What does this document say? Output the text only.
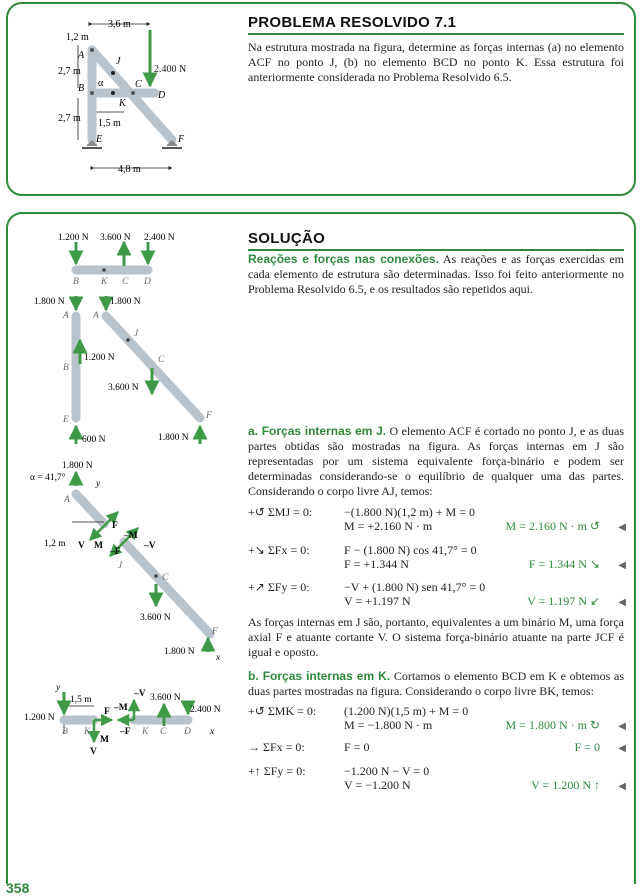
PROBLEMA RESOLVIDO 7.1
Na estrutura mostrada na figura, determine as forças internas (a) no elemento ACF no ponto J, (b) no elemento BCD no ponto K. Essa estrutura foi anteriormente considerada no Problema Resolvido 6.5.
3,6 m
1,2 m
2,7 m
2,7 m 1,5 m
4,8 m
2.400 N
A
B	C
D
E	F
J
K
α
SOLUÇÃO
Reações e forças nas conexões. As reações e as forças exercidas em cada elemento de estrutura são determinadas. Isso foi feito anteriormente no Problema Resolvido 6.5, e os resultados são repetidos aqui.
a. Forças internas em J. O elemento ACF é cortado no ponto J, e as duas partes obtidas são mostradas na figura. As forças internas em J são representadas por um sistema equivalente força-binário e podem ser determinadas considerando-se o equilíbrio de qualquer uma das partes. Considerando o corpo livre AJ, temos:
+↺ ΣMJ = 0:	−(1.800 N)(1,2 m) + M = 0
M = +2.160 N · m	M = 2.160 N · m ↺ ◀
+↘ ΣFx = 0:	F − (1.800 N) cos 41,7° = 0
F = +1.344 N	F = 1.344 N ↘ ◀
+↗ ΣFy = 0:	−V + (1.800 N) sen 41,7° = 0
V = +1.197 N	V = 1.197 N ↙ ◀
As forças internas em J são, portanto, equivalentes a um binário M, uma força axial F e atuante cortante V. O sistema força-binário atuante na parte JCF é igual e oposto.
b. Forças internas em K. Cortamos o elemento BCD em K e obtemos as duas partes mostradas na figura. Considerando o corpo livre BK, temos:
+↺ ΣMK = 0: (1.200 N)(1,5 m) + M = 0
M = −1.800 N · m	M = 1.800 N · m ↻ ◀
→ ΣFx = 0:	F = 0	F = 0 ◀
+↑ ΣFy = 0:	−1.200 N − V = 0
V = −1.200 N	V = 1.200 N ↑ ◀
1.200 N 3.600 N 2.400 N
B K C D
1.800 N
1.200 N
600 N
A
B
E
1.800 N
3.600 N
1.800 N
A
J
C
F
α = 41,7°
1.800 N
A
y
1,2 m
F
V M
–F
–V
–M
J
C
3.600 N
1.800 N
F
x
y
1,5 m
1.200 N
F
V
M
B K	–F
–V
–M
3.600 N
2.400 N
K C D x
358
